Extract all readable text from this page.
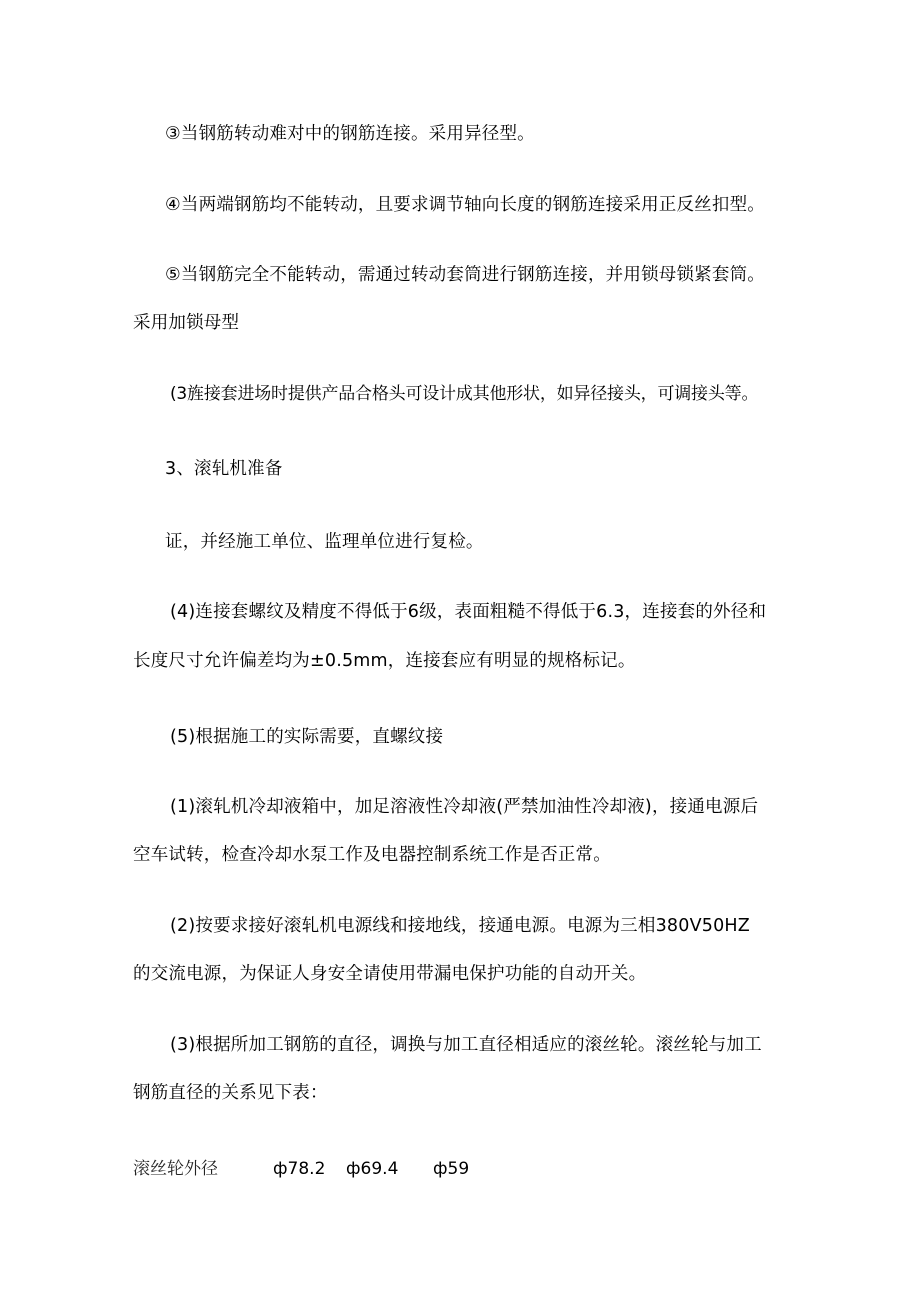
③当钢筋转动难对中的钢筋连接。采用异径型。
④当两端钢筋均不能转动，且要求调节轴向长度的钢筋连接采用正反丝扣型。
⑤当钢筋完全不能转动，需通过转动套筒进行钢筋连接，并用锁母锁紧套筒。
采用加锁母型
(3旌接套进场时提供产品合格头可设计成其他形状，如异径接头，可调接头等。
3、滚轧机准备
证，并经施工单位、监理单位进行复检。
(4)连接套螺纹及精度不得低于6级，表面粗糙不得低于6.3，连接套的外径和
长度尺寸允许偏差均为±0.5mm，连接套应有明显的规格标记。
(5)根据施工的实际需要，直螺纹接
(1)滚轧机冷却液箱中，加足溶液性冷却液(严禁加油性冷却液)，接通电源后
空车试转，检查冷却水泵工作及电器控制系统工作是否正常。
(2)按要求接好滚轧机电源线和接地线，接通电源。电源为三相380V50HZ
的交流电源，为保证人身安全请使用带漏电保护功能的自动开关。
(3)根据所加工钢筋的直径，调换与加工直径相适应的滚丝轮。滚丝轮与加工
钢筋直径的关系见下表：
滚丝轮外径	ф78.2 ф69.4 ф59
